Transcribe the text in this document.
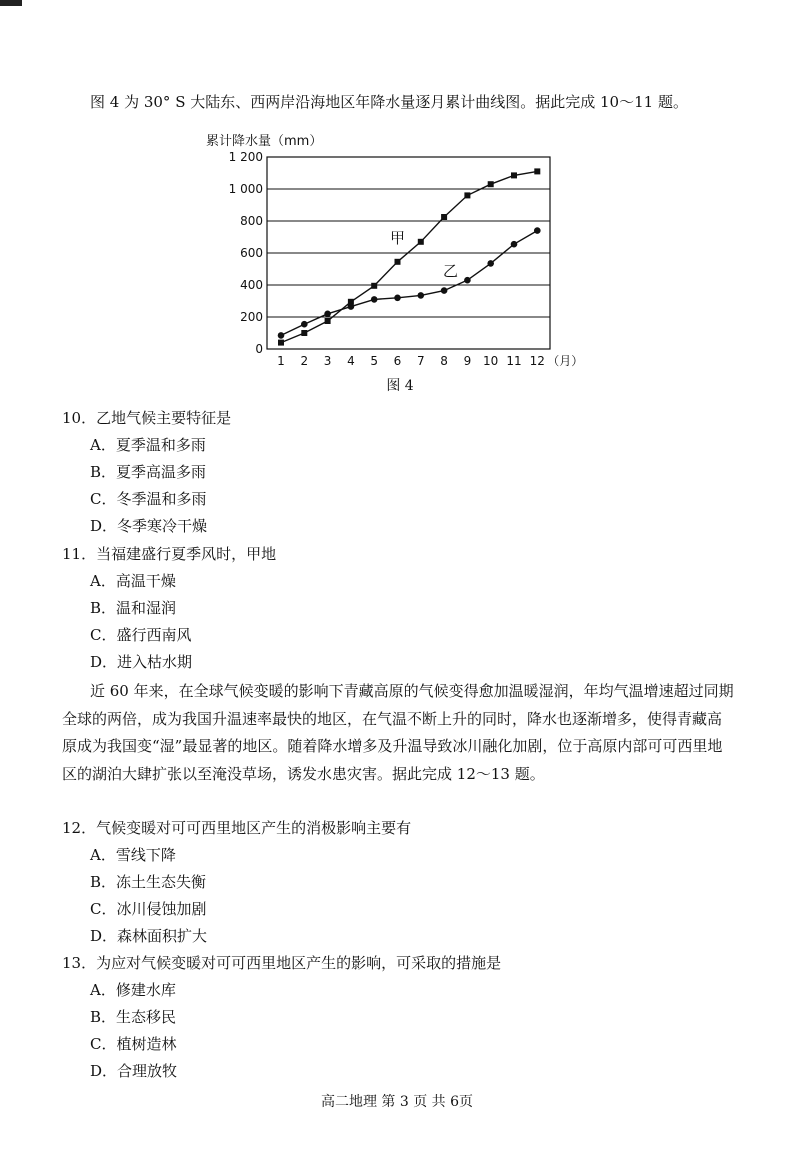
图 4 为 30° S 大陆东、西两岸沿海地区年降水量逐月累计曲线图。据此完成 10～11 题。
累计降水量（mm）
0
200
400
600
800
1 000
1 200
1 2 3 4 5 6 7 8 9 10 11 12 （月）
甲
乙
图 4
10．乙地气候主要特征是
A．夏季温和多雨
B．夏季高温多雨
C．冬季温和多雨
D．冬季寒冷干燥
11．当福建盛行夏季风时，甲地
A．高温干燥
B．温和湿润
C．盛行西南风
D．进入枯水期
近 60 年来，在全球气候变暖的影响下青藏高原的气候变得愈加温暖湿润，年均气温增速超过同期全球的两倍，成为我国升温速率最快的地区，在气温不断上升的同时，降水也逐渐增多，使得青藏高原成为我国变“湿”最显著的地区。随着降水增多及升温导致冰川融化加剧，位于高原内部可可西里地区的湖泊大肆扩张以至淹没草场，诱发水患灾害。据此完成 12～13 题。
12．气候变暖对可可西里地区产生的消极影响主要有
A．雪线下降
B．冻土生态失衡
C．冰川侵蚀加剧
D．森林面积扩大
13．为应对气候变暖对可可西里地区产生的影响，可采取的措施是
A．修建水库
B．生态移民
C．植树造林
D．合理放牧
高二地理 第 3 页 共 6页
